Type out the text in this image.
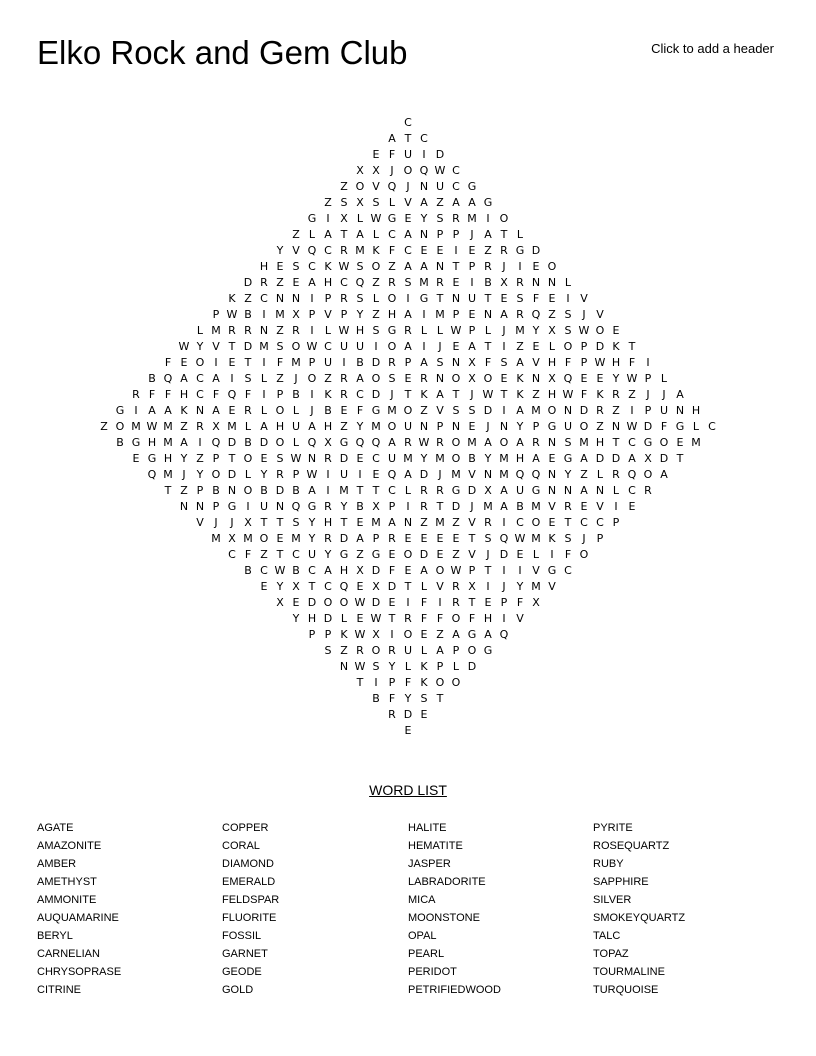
Elko Rock and Gem Club	Click to add a header
C
A T C
E F U I D
X X J O Q W C
Z O V Q J N U C G
Z S X S L V A Z A A G
G I X L W G E Y S R M I O
Z L A T A L C A N P P	J A T L
Y V Q C R M K F C E E I E Z R G D
H E S C K W S O Z A A N T P R J	I E O
D R Z E A H C Q Z R S M R E I B X R N N L
K Z C N N I	P R S L O I G T N U T E S F E I V
P W B I M X P V P Y Z H A I M P E N A R Q Z S J V
L M R R N Z R I	L W H S G R L L W P L	J M Y X S W O E
W Y V T D M S O W C U U I O A I	J E A T	I Z E L O P D K T
F E O I E T	I	F M P U I B D R P A S N X F S A V H F P W H F	I
B Q A C A I S L Z J O Z R A O S E R N O X O E K N X Q E E Y W P L
R F F H C F Q F	I	P B I K R C D J	T K A T	J W T K Z H W F K R Z J	J A
G I A A K N A E R L O L	J B E F G M O Z V S S D I A M O N D R Z I	P U N H
Z O M W M Z R X M L A H U A H Z Y M O U N P N E J N Y P G U O Z N W D F G L C
B G H M A I Q D B D O L Q X G Q Q A R W R O M A O A R N S M H T C G O E M
E G H Y Z P T O E S W N R D E C U M Y M O B Y M H A E G A D D A X D T
Q M J	Y O D L Y R P W I U I E Q A D J M V N M Q Q N Y Z L R Q O A
T Z P B N O B D B A I M T T C L R R G D X A U G N N A N L C R
N N P G I U N Q G R Y B X P	I R T D J M A B M V R E V I E
V J	J X T T S Y H T E M A N Z M Z V R I C O E T C C P
M X M O E M Y R D A P R E E E E T S Q W M K S J	P
C F Z T C U Y G Z G E O D E Z V J D E L	I	F O
B C W B C A H X D F E A O W P T	I	I V G C
E Y X T C Q E X D T L V R X I	J	Y M V
X E D O O W D E I	F	I R T E P F X
Y H D L E W T R F F O F H I V
P P K W X I O E Z A G A Q
S Z R O R U L A P O G
N W S Y L K P L D
T	I	P F K O O
B F Y S T
R D E
E
WORD LIST
AGATE
AMAZONITE
AMBER
AMETHYST
AMMONITE
AUQUAMARINE
BERYL
CARNELIAN
CHRYSOPRASE
CITRINE
COPPER
CORAL
DIAMOND
EMERALD
FELDSPAR
FLUORITE
FOSSIL
GARNET
GEODE
GOLD
HALITE
HEMATITE
JASPER
LABRADORITE
MICA
MOONSTONE
OPAL
PEARL
PERIDOT
PETRIFIEDWOOD
PYRITE
ROSEQUARTZ
RUBY
SAPPHIRE
SILVER
SMOKEYQUARTZ
TALC
TOPAZ
TOURMALINE
TURQUOISE
